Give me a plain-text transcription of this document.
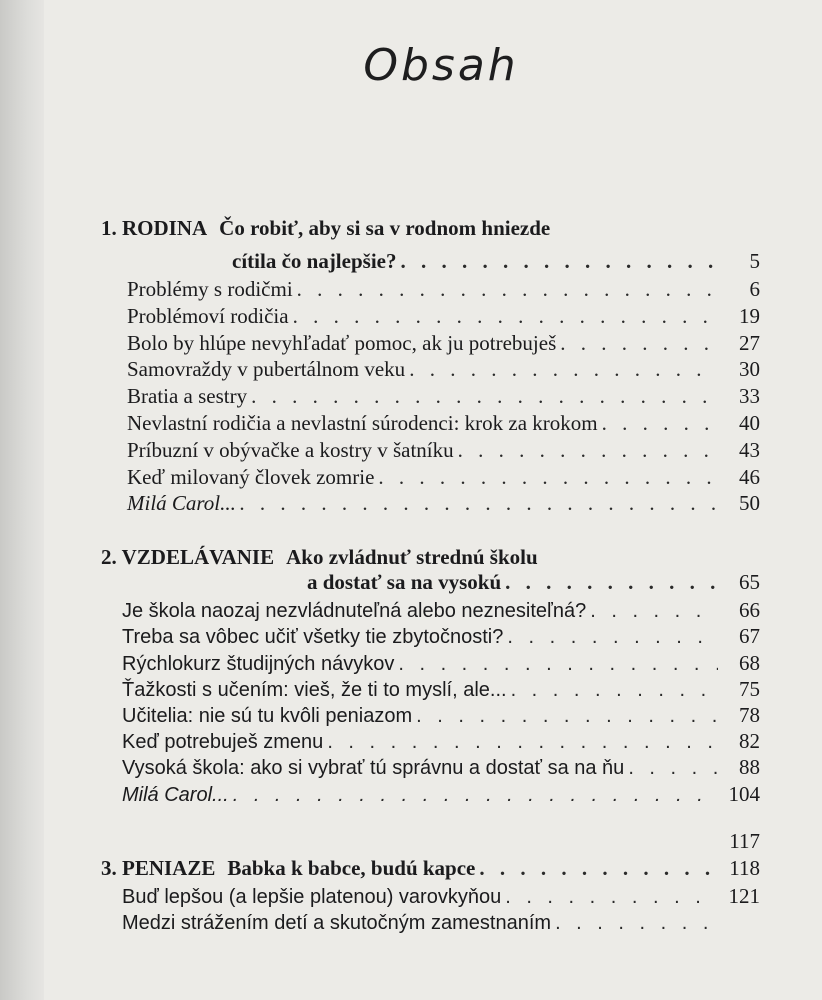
Obsah
1. RODINA Čo robiť, aby si sa v rodnom hniezde
cítila čo najlepšie? . . .	5
Problémy s rodičmi . . .	6
Problémoví rodičia . . .	19
Bolo by hlúpe nevyhľadať pomoc, ak ju potrebuješ . . .	27
Samovraždy v pubertálnom veku . . .	30
Bratia a sestry . . .	33
Nevlastní rodičia a nevlastní súrodenci: krok za krokom . . .	40
Príbuzní v obývačke a kostry v šatníku . . .	43
Keď milovaný človek zomrie . . .	46
Milá Carol... . . .	50
2. VZDELÁVANIE Ako zvládnuť strednú školu
a dostať sa na vysokú . . .	65
Je škola naozaj nezvládnuteľná alebo neznesiteľná? . . .	66
Treba sa vôbec učiť všetky tie zbytočnosti? . . .	67
Rýchlokurz študijných návykov . . .	68
Ťažkosti s učením: vieš, že ti to myslí, ale... . . .	75
Učitelia: nie sú tu kvôli peniazom . . .	78
Keď potrebuješ zmenu . . .	82
Vysoká škola: ako si vybrať tú správnu a dostať sa na ňu . . .	88
Milá Carol... . . .	104
117
3. PENIAZE Babka k babce, budú kapce . . .	118
Buď lepšou (a lepšie platenou) varovkyňou . . .	121
Medzi strážením detí a skutočným zamestnaním
. . .
